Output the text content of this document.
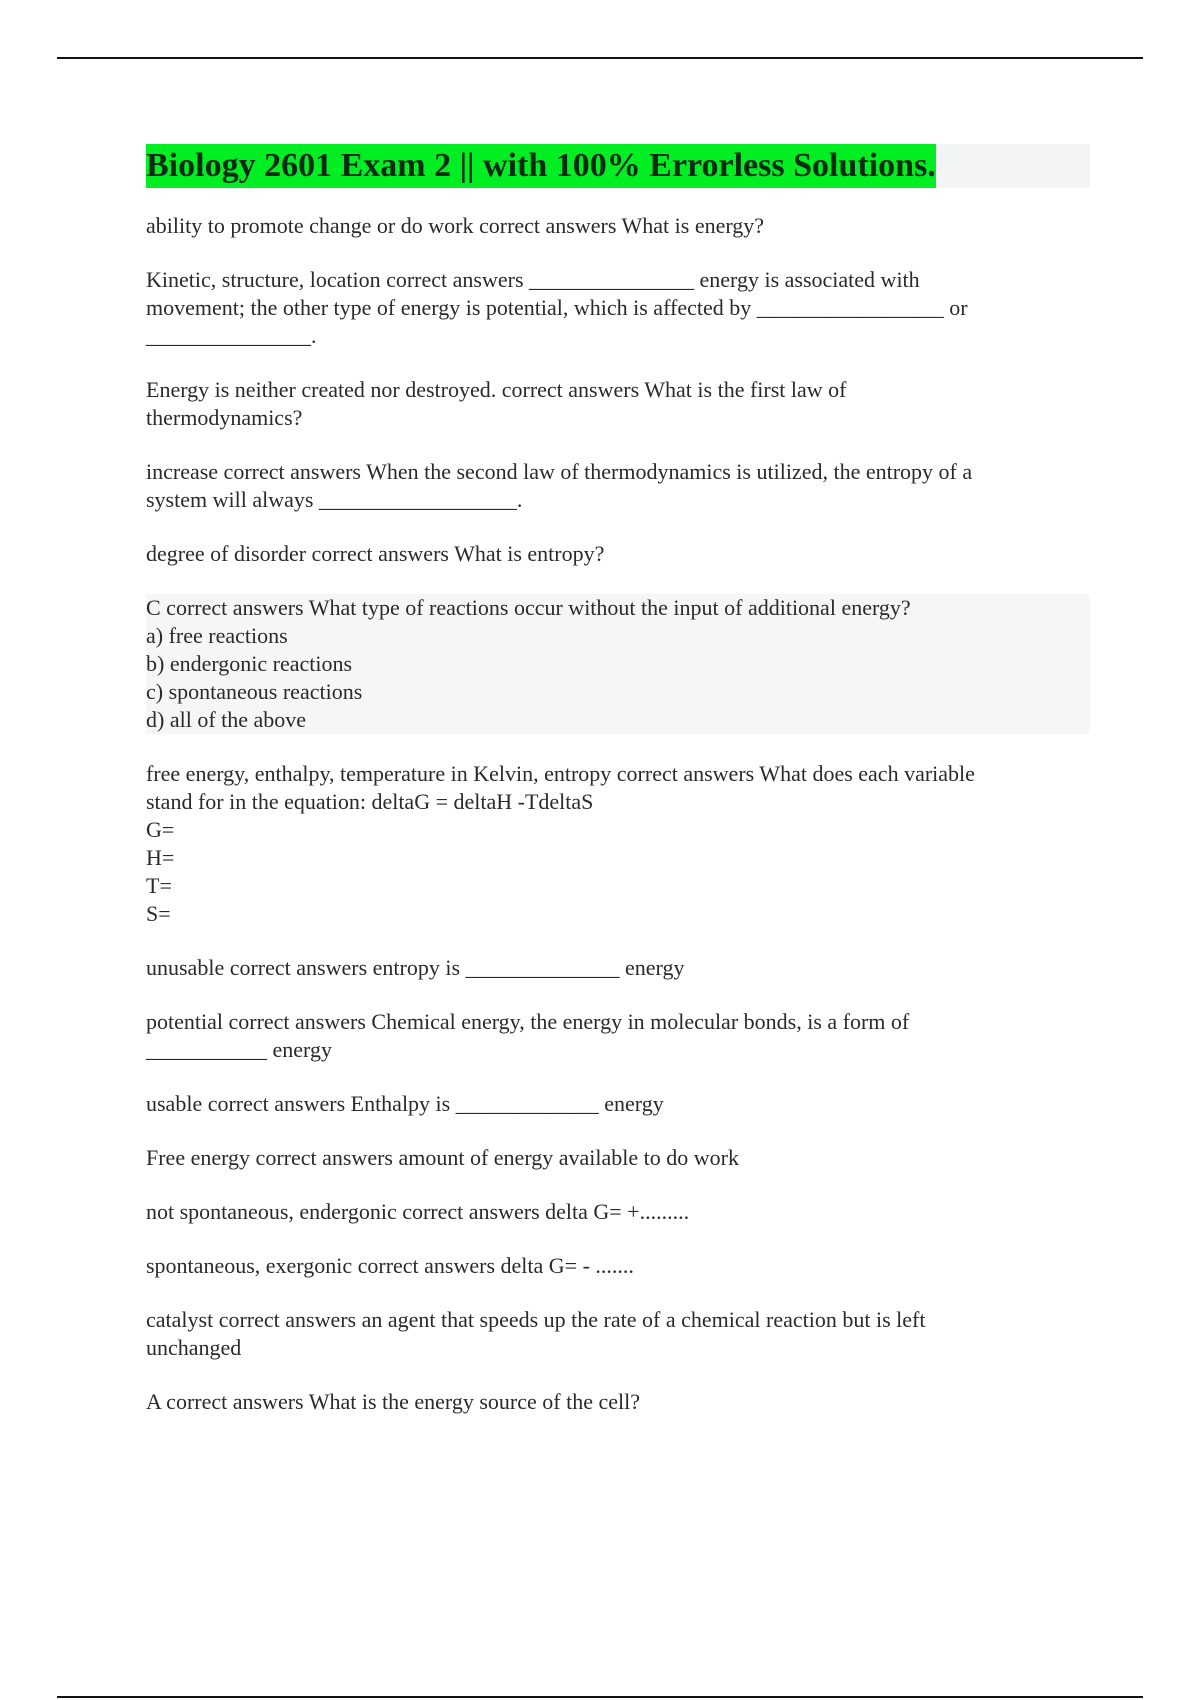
Biology 2601 Exam 2 || with 100% Errorless Solutions.
ability to promote change or do work correct answers What is energy?
Kinetic, structure, location correct answers _______________ energy is associated with
movement; the other type of energy is potential, which is affected by _________________ or
_______________.
Energy is neither created nor destroyed. correct answers What is the first law of
thermodynamics?
increase correct answers When the second law of thermodynamics is utilized, the entropy of a
system will always __________________.
degree of disorder correct answers What is entropy?
C correct answers What type of reactions occur without the input of additional energy?
a) free reactions
b) endergonic reactions
c) spontaneous reactions
d) all of the above
free energy, enthalpy, temperature in Kelvin, entropy correct answers What does each variable
stand for in the equation: deltaG = deltaH -TdeltaS
G=
H=
T=
S=
unusable correct answers entropy is ______________ energy
potential correct answers Chemical energy, the energy in molecular bonds, is a form of
___________ energy
usable correct answers Enthalpy is _____________ energy
Free energy correct answers amount of energy available to do work
not spontaneous, endergonic correct answers delta G= +.........
spontaneous, exergonic correct answers delta G= - .......
catalyst correct answers an agent that speeds up the rate of a chemical reaction but is left
unchanged
A correct answers What is the energy source of the cell?
